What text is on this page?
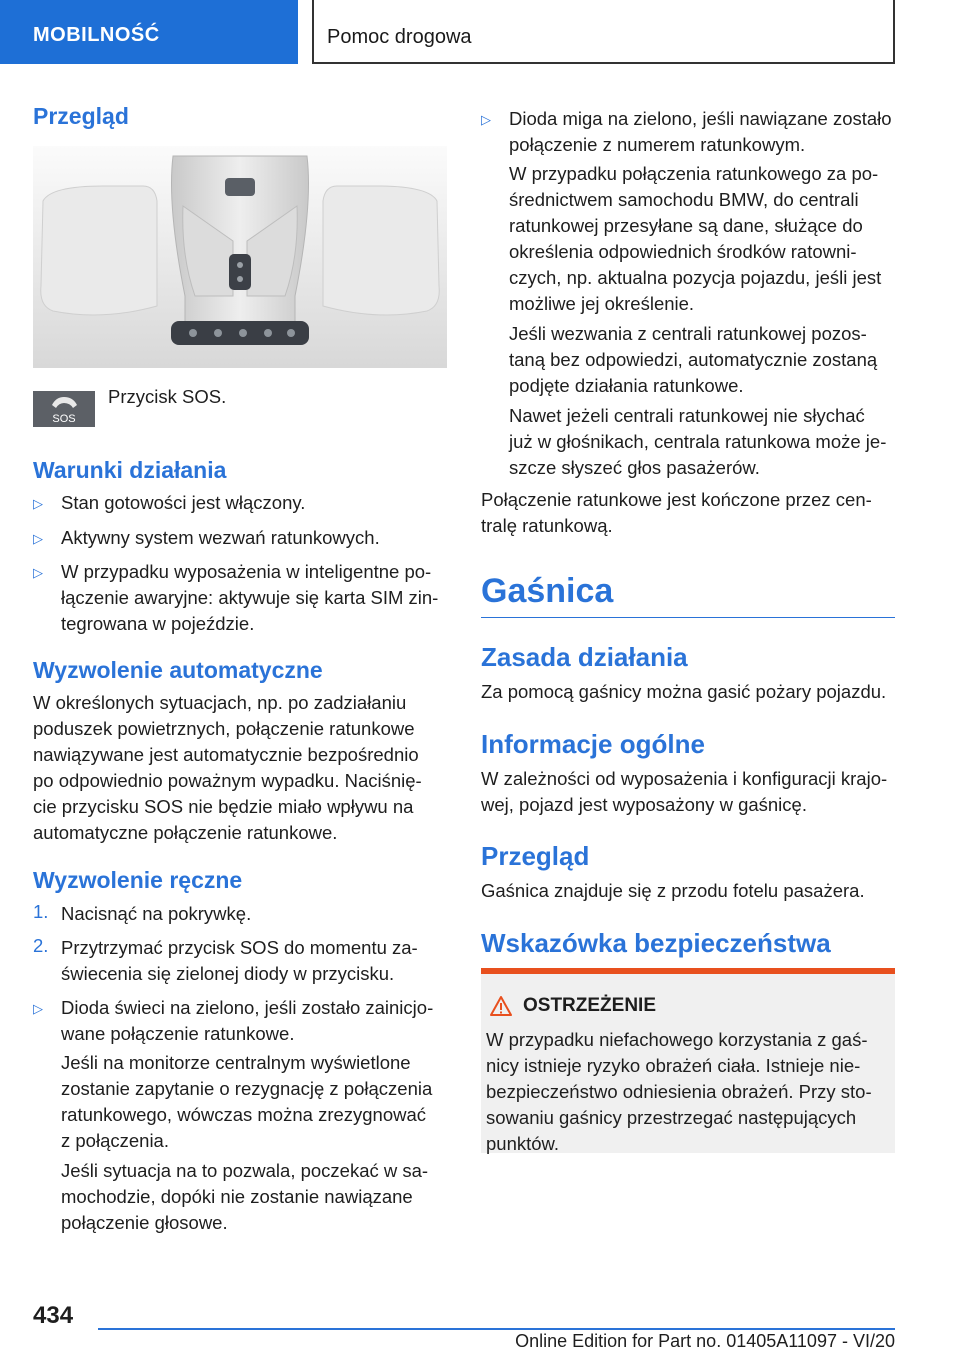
MOBILNOŚĆ	Pomoc drogowa
Przegląd
SOS
Przycisk SOS.
Warunki działania
▷ Stan gotowości jest włączony.
▷ Aktywny system wezwań ratunkowych.
▷ W przypadku wyposażenia w inteligentne po-
łączenie awaryjne: aktywuje się karta SIM zin-
tegrowana w pojeździe.
Wyzwolenie automatyczne
W określonych sytuacjach, np. po zadziałaniu
poduszek powietrznych, połączenie ratunkowe
nawiązywane jest automatycznie bezpośrednio
po odpowiednio poważnym wypadku. Naciśnię-
cie przycisku SOS nie będzie miało wpływu na
automatyczne połączenie ratunkowe.
Wyzwolenie ręczne
1. Nacisnąć na pokrywkę.
2. Przytrzymać przycisk SOS do momentu za-
świecenia się zielonej diody w przycisku.
▷ Dioda świeci na zielono, jeśli zostało zainicjo-
wane połączenie ratunkowe.
Jeśli na monitorze centralnym wyświetlone
zostanie zapytanie o rezygnację z połączenia
ratunkowego, wówczas można zrezygnować
z połączenia.
Jeśli sytuacja na to pozwala, poczekać w sa-
mochodzie, dopóki nie zostanie nawiązane
połączenie głosowe.
▷ Dioda miga na zielono, jeśli nawiązane zostało
połączenie z numerem ratunkowym.
W przypadku połączenia ratunkowego za po-
średnictwem samochodu BMW, do centrali
ratunkowej przesyłane są dane, służące do
określenia odpowiednich środków ratowni-
czych, np. aktualna pozycja pojazdu, jeśli jest
możliwe jej określenie.
Jeśli wezwania z centrali ratunkowej pozos-
taną bez odpowiedzi, automatycznie zostaną
podjęte działania ratunkowe.
Nawet jeżeli centrali ratunkowej nie słychać
już w głośnikach, centrala ratunkowa może je-
szcze słyszeć głos pasażerów.
Połączenie ratunkowe jest kończone przez cen-
tralę ratunkową.
Gaśnica
Zasada działania
Za pomocą gaśnicy można gasić pożary pojazdu.
Informacje ogólne
W zależności od wyposażenia i konfiguracji krajo-
wej, pojazd jest wyposażony w gaśnicę.
Przegląd
Gaśnica znajduje się z przodu fotelu pasażera.
Wskazówka bezpieczeństwa
OSTRZEŻENIE
W przypadku niefachowego korzystania z gaś-
nicy istnieje ryzyko obrażeń ciała. Istnieje nie-
bezpieczeństwo odniesienia obrażeń. Przy sto-
sowaniu gaśnicy przestrzegać następujących
punktów.
434
Online Edition for Part no. 01405A11097 - VI/20
